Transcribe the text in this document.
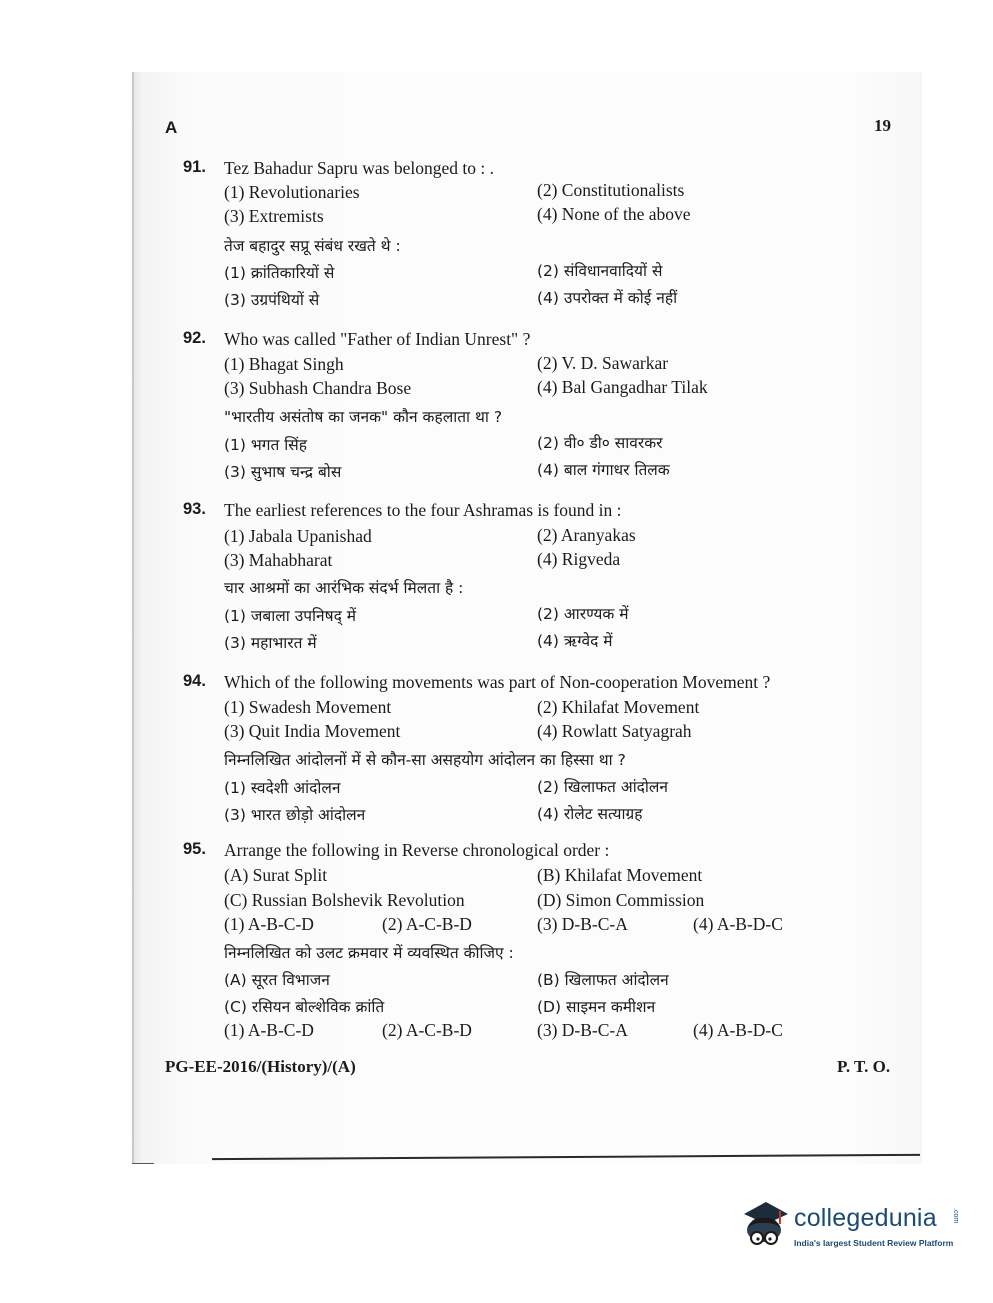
A	19
91. Tez Bahadur Sapru was belonged to : .
(1) Revolutionaries	(2) Constitutionalists
(3) Extremists	(4) None of the above
तेज बहादुर सप्रू संबंध रखते थे :
(1) क्रांतिकारियों से	(2) संविधानवादियों से
(3) उग्रपंथियों से	(4) उपरोक्त में कोई नहीं
92. Who was called "Father of Indian Unrest" ?
(1) Bhagat Singh	(2) V. D. Sawarkar
(3) Subhash Chandra Bose	(4) Bal Gangadhar Tilak
"भारतीय असंतोष का जनक" कौन कहलाता था ?
(1) भगत सिंह	(2) वी० डी० सावरकर
(3) सुभाष चन्द्र बोस	(4) बाल गंगाधर तिलक
93. The earliest references to the four Ashramas is found in :
(1) Jabala Upanishad	(2) Aranyakas
(3) Mahabharat	(4) Rigveda
चार आश्रमों का आरंभिक संदर्भ मिलता है :
(1) जबाला उपनिषद् में	(2) आरण्यक में
(3) महाभारत में	(4) ऋग्वेद में
94. Which of the following movements was part of Non-cooperation Movement ?
(1) Swadesh Movement	(2) Khilafat Movement
(3) Quit India Movement	(4) Rowlatt Satyagrah
निम्नलिखित आंदोलनों में से कौन-सा असहयोग आंदोलन का हिस्सा था ?
(1) स्वदेशी आंदोलन	(2) खिलाफत आंदोलन
(3) भारत छोड़ो आंदोलन	(4) रोलेट सत्याग्रह
95. Arrange the following in Reverse chronological order :
(A) Surat Split	(B) Khilafat Movement
(C) Russian Bolshevik Revolution	(D) Simon Commission
(1) A-B-C-D	(2) A-C-B-D	(3) D-B-C-A	(4) A-B-D-C
निम्नलिखित को उलट क्रमवार में व्यवस्थित कीजिए :
(A) सूरत विभाजन	(B) खिलाफत आंदोलन
(C) रसियन बोल्शेविक क्रांति	(D) साइमन कमीशन
(1) A-B-C-D	(2) A-C-B-D	(3) D-B-C-A	(4) A-B-D-C
PG-EE-2016/(History)/(A)	P. T. O.
collegedunia .com
India's largest Student Review Platform
